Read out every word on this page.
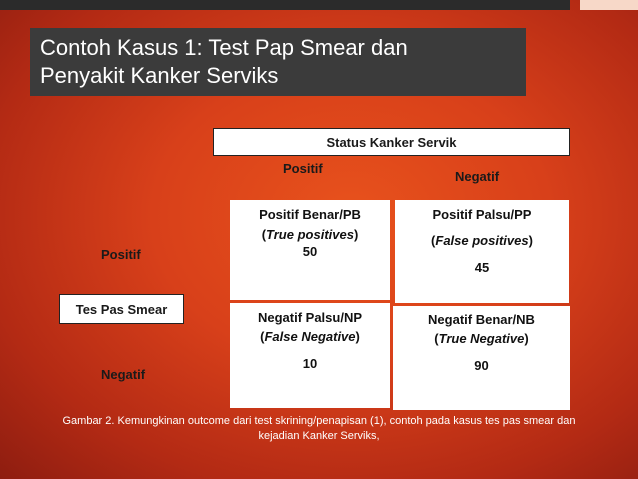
Contoh Kasus 1: Test Pap Smear dan
Penyakit Kanker Serviks
Status Kanker Servik
Positif
Negatif
Positif
Negatif
Tes Pas Smear
Positif Benar/PB
(True positives)
50
Positif Palsu/PP
(False positives)
45
Negatif Palsu/NP
(False Negative)
10
Negatif Benar/NB
(True Negative)
90
Gambar 2. Kemungkinan outcome dari test skrining/penapisan (1), contoh pada kasus tes pas smear dan
kejadian Kanker Serviks,
